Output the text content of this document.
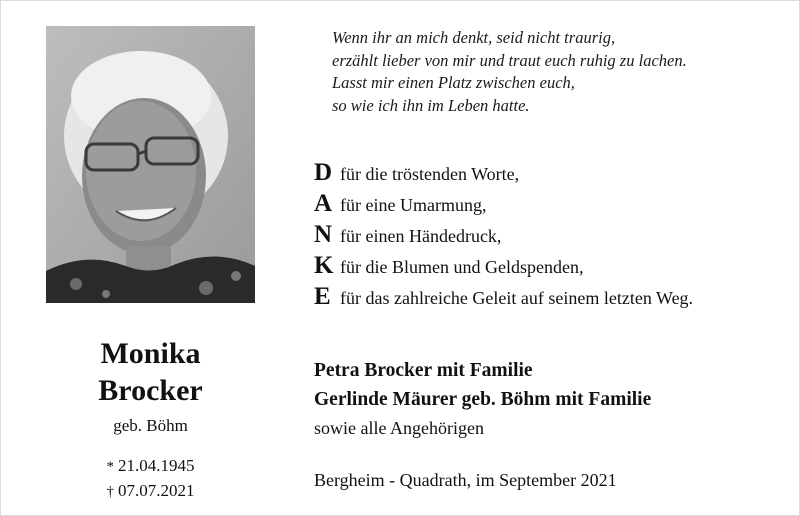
Wenn ihr an mich denkt, seid nicht traurig,
erzählt lieber von mir und traut euch ruhig zu lachen.
Lasst mir einen Platz zwischen euch,
so wie ich ihn im Leben hatte.
D für die tröstenden Worte,
A für eine Umarmung,
N für einen Händedruck,
K für die Blumen und Geldspenden,
E für das zahlreiche Geleit auf seinem letzten Weg.
Monika
Brocker
geb. Böhm
* 21.04.1945
† 07.07.2021
Petra Brocker mit Familie
Gerlinde Mäurer geb. Böhm mit Familie
sowie alle Angehörigen
Bergheim - Quadrath, im September 2021
